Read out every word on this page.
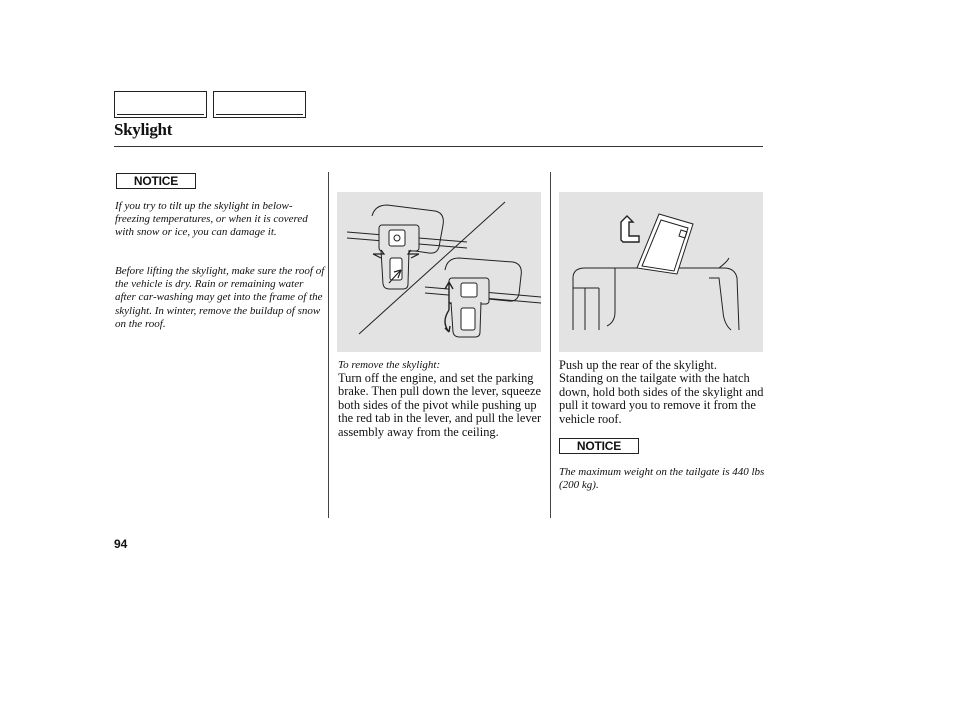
Skylight
NOTICE
If you try to tilt up the skylight in below-freezing temperatures, or when it is covered with snow or ice, you can damage it.
Before lifting the skylight, make sure the roof of the vehicle is dry. Rain or remaining water after car-washing may get into the frame of the skylight. In winter, remove the buildup of snow on the roof.
To remove the skylight:
Turn off the engine, and set the parking brake. Then pull down the lever, squeeze both sides of the pivot while pushing up the red tab in the lever, and pull the lever assembly away from the ceiling.
Push up the rear of the skylight. Standing on the tailgate with the hatch down, hold both sides of the skylight and pull it toward you to remove it from the vehicle roof.
NOTICE
The maximum weight on the tailgate is 440 lbs (200 kg).
94
